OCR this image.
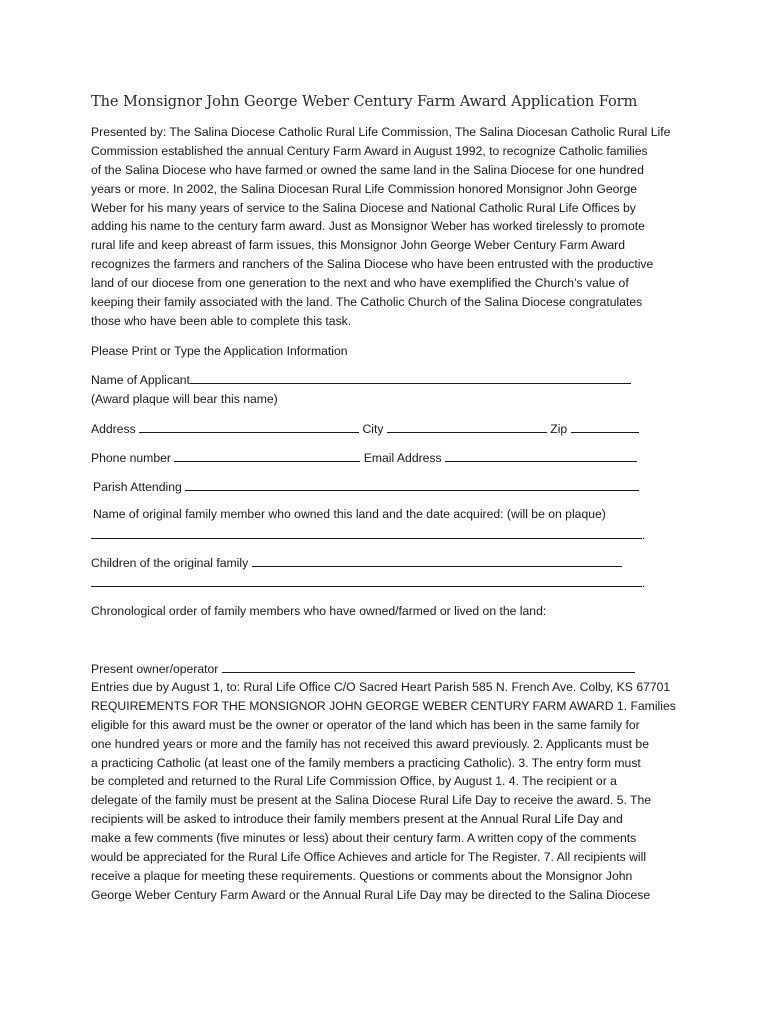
The Monsignor John George Weber Century Farm Award Application Form
Presented by: The Salina Diocese Catholic Rural Life Commission, The Salina Diocesan Catholic Rural Life
Commission established the annual Century Farm Award in August 1992, to recognize Catholic families
of the Salina Diocese who have farmed or owned the same land in the Salina Diocese for one hundred
years or more. In 2002, the Salina Diocesan Rural Life Commission honored Monsignor John George
Weber for his many years of service to the Salina Diocese and National Catholic Rural Life Offices by
adding his name to the century farm award. Just as Monsignor Weber has worked tirelessly to promote
rural life and keep abreast of farm issues, this Monsignor John George Weber Century Farm Award
recognizes the farmers and ranchers of the Salina Diocese who have been entrusted with the productive
land of our diocese from one generation to the next and who have exemplified the Church’s value of
keeping their family associated with the land. The Catholic Church of the Salina Diocese congratulates
those who have been able to complete this task.
Please Print or Type the Application Information
Name of Applicant
(Award plaque will bear this name)
Address	City	Zip
Phone number	Email Address
Parish Attending
Name of original family member who owned this land and the date acquired: (will be on plaque)
.
Children of the original family
.
Chronological order of family members who have owned/farmed or lived on the land:
Present owner/operator
Entries due by August 1, to: Rural Life Office C/O Sacred Heart Parish 585 N. French Ave. Colby, KS 67701
REQUIREMENTS FOR THE MONSIGNOR JOHN GEORGE WEBER CENTURY FARM AWARD 1. Families
eligible for this award must be the owner or operator of the land which has been in the same family for
one hundred years or more and the family has not received this award previously. 2. Applicants must be
a practicing Catholic (at least one of the family members a practicing Catholic). 3. The entry form must
be completed and returned to the Rural Life Commission Office, by August 1. 4. The recipient or a
delegate of the family must be present at the Salina Diocese Rural Life Day to receive the award. 5. The
recipients will be asked to introduce their family members present at the Annual Rural Life Day and
make a few comments (five minutes or less) about their century farm. A written copy of the comments
would be appreciated for the Rural Life Office Achieves and article for The Register. 7. All recipients will
receive a plaque for meeting these requirements. Questions or comments about the Monsignor John
George Weber Century Farm Award or the Annual Rural Life Day may be directed to the Salina Diocese
